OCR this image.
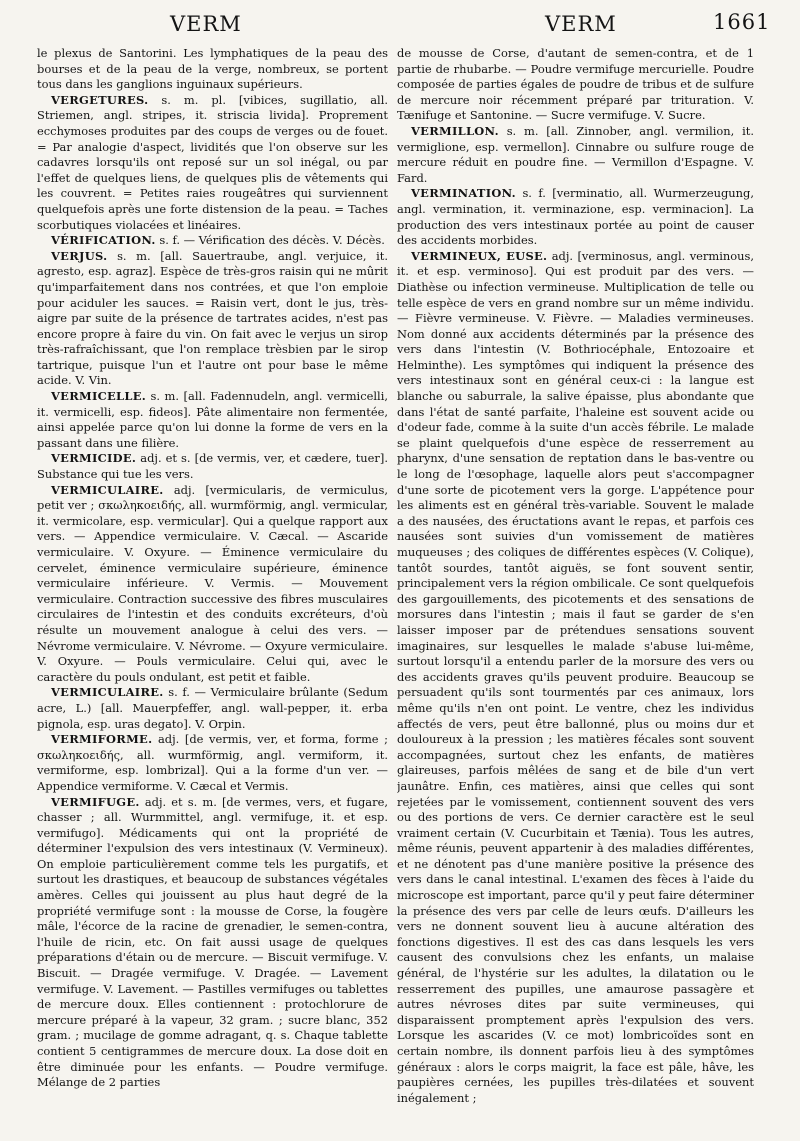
VERM	VERM	1661

le plexus de Santorini. Les lymphatiques de la peau des bourses et de la peau de la verge, nombreux, se portent tous dans les ganglions inguinaux supérieurs.

VERGETURES . s. m. pl. [vibices, sugillatio, all. Striemen, angl. stripes, it. striscia livida]. Proprement ecchymoses produites par des coups de verges ou de fouet. = Par analogie d'aspect, lividités que l'on observe sur les cadavres lorsqu'ils ont reposé sur un sol inégal, ou par l'effet de quelques liens, de quelques plis de vêtements qui les couvrent. = Petites raies rougeâtres qui surviennent quelquefois après une forte distension de la peau. = Taches scorbutiques violacées et linéaires.

VÉRIFICATION . s. f. — Vérification des décès. V. Décès.

VERJUS . s. m. [all. Sauertraube, angl. verjuice, it. agresto, esp. agraz]. Espèce de très-gros raisin qui ne mûrit qu'imparfaitement dans nos contrées, et que l'on emploie pour aciduler les sauces. = Raisin vert, dont le jus, très-aigre par suite de la présence de tartrates acides, n'est pas encore propre à faire du vin. On fait avec le verjus un sirop très-rafraîchissant, que l'on remplace trèsbien par le sirop tartrique, puisque l'un et l'autre ont pour base le même acide. V. Vin.

VERMICELLE . s. m. [all. Fadennudeln, angl. vermicelli, it. vermicelli, esp. fideos]. Pâte alimentaire non fermentée, ainsi appelée parce qu'on lui donne la forme de vers en la passant dans une filière.

VERMICIDE . adj. et s. [de vermis, ver, et cædere, tuer]. Substance qui tue les vers.

VERMICULAIRE . adj. [vermicularis, de vermiculus, petit ver ; σκωληκοειδής, all. wurmförmig, angl. vermicular, it. vermicolare, esp. vermicular]. Qui a quelque rapport aux vers. — Appendice vermiculaire. V. Cæcal. — Ascaride vermiculaire. V. Oxyure. — Éminence vermiculaire du cervelet, éminence vermiculaire supérieure, éminence vermiculaire inférieure. V. Vermis. — Mouvement vermiculaire. Contraction successive des fibres musculaires circulaires de l'intestin et des conduits excréteurs, d'où résulte un mouvement analogue à celui des vers. — Névrome vermiculaire. V. Névrome. — Oxyure vermiculaire. V. Oxyure. — Pouls vermiculaire. Celui qui, avec le caractère du pouls ondulant, est petit et faible.

VERMICULAIRE . s. f. — Vermiculaire brûlante (Sedum acre, L.) [all. Mauerpfeffer, angl. wall-pepper, it. erba pignola, esp. uras degato]. V. Orpin.

VERMIFORME . adj. [de vermis, ver, et forma, forme ; σκωληκοειδής, all. wurmförmig, angl. vermiform, it. vermiforme, esp. lombrizal]. Qui a la forme d'un ver. — Appendice vermiforme. V. Cæcal et Vermis.

VERMIFUGE . adj. et s. m. [de vermes, vers, et fugare, chasser ; all. Wurmmittel, angl. vermifuge, it. et esp. vermifugo]. Médicaments qui ont la propriété de déterminer l'expulsion des vers intestinaux (V. Vermineux). On emploie particulièrement comme tels les purgatifs, et surtout les drastiques, et beaucoup de substances végétales amères. Celles qui jouissent au plus haut degré de la propriété vermifuge sont : la mousse de Corse, la fougère mâle, l'écorce de la racine de grenadier, le semen-contra, l'huile de ricin, etc. On fait aussi usage de quelques préparations d'étain ou de mercure. — Biscuit vermifuge. V. Biscuit. — Dragée vermifuge. V. Dragée. — Lavement vermifuge. V. Lavement. — Pastilles vermifuges ou tablettes de mercure doux. Elles contiennent : protochlorure de mercure préparé à la vapeur, 32 gram. ; sucre blanc, 352 gram. ; mucilage de gomme adragant, q. s. Chaque tablette contient 5 centigrammes de mercure doux. La dose doit en être diminuée pour les enfants. — Poudre vermifuge. Mélange de 2 parties

de mousse de Corse, d'autant de semen-contra, et de 1 partie de rhubarbe. — Poudre vermifuge mercurielle. Poudre composée de parties égales de poudre de tribus et de sulfure de mercure noir récemment préparé par trituration. V. Tænifuge et Santonine. — Sucre vermifuge. V. Sucre.

VERMILLON . s. m. [all. Zinnober, angl. vermilion, it. vermiglione, esp. vermellon]. Cinnabre ou sulfure rouge de mercure réduit en poudre fine. — Vermillon d'Espagne. V. Fard.

VERMINATION . s. f. [verminatio, all. Wurmerzeugung, angl. vermination, it. verminazione, esp. verminacion]. La production des vers intestinaux portée au point de causer des accidents morbides.

VERMINEUX, EUSE . adj. [verminosus, angl. verminous, it. et esp. verminoso]. Qui est produit par des vers. — Diathèse ou infection vermineuse. Multiplication de telle ou telle espèce de vers en grand nombre sur un même individu. — Fièvre vermineuse. V. Fièvre. — Maladies vermineuses. Nom donné aux accidents déterminés par la présence des vers dans l'intestin (V. Bothriocéphale, Entozoaire et Helminthe). Les symptômes qui indiquent la présence des vers intestinaux sont en général ceux-ci : la langue est blanche ou saburrale, la salive épaisse, plus abondante que dans l'état de santé parfaite, l'haleine est souvent acide ou d'odeur fade, comme à la suite d'un accès fébrile. Le malade se plaint quelquefois d'une espèce de resserrement au pharynx, d'une sensation de reptation dans le bas-ventre ou le long de l'œsophage, laquelle alors peut s'accompagner d'une sorte de picotement vers la gorge. L'appétence pour les aliments est en général très-variable. Souvent le malade a des nausées, des éructations avant le repas, et parfois ces nausées sont suivies d'un vomissement de matières muqueuses ; des coliques de différentes espèces (V. Colique), tantôt sourdes, tantôt aiguës, se font souvent sentir, principalement vers la région ombilicale. Ce sont quelquefois des gargouillements, des picotements et des sensations de morsures dans l'intestin ; mais il faut se garder de s'en laisser imposer par de prétendues sensations souvent imaginaires, sur lesquelles le malade s'abuse lui-même, surtout lorsqu'il a entendu parler de la morsure des vers ou des accidents graves qu'ils peuvent produire. Beaucoup se persuadent qu'ils sont tourmentés par ces animaux, lors même qu'ils n'en ont point. Le ventre, chez les individus affectés de vers, peut être ballonné, plus ou moins dur et douloureux à la pression ; les matières fécales sont souvent accompagnées, surtout chez les enfants, de matières glaireuses, parfois mêlées de sang et de bile d'un vert jaunâtre. Enfin, ces matières, ainsi que celles qui sont rejetées par le vomissement, contiennent souvent des vers ou des portions de vers. Ce dernier caractère est le seul vraiment certain (V. Cucurbitain et Tænia). Tous les autres, même réunis, peuvent appartenir à des maladies différentes, et ne dénotent pas d'une manière positive la présence des vers dans le canal intestinal. L'examen des fèces à l'aide du microscope est important, parce qu'il y peut faire déterminer la présence des vers par celle de leurs œufs. D'ailleurs les vers ne donnent souvent lieu à aucune altération des fonctions digestives. Il est des cas dans lesquels les vers causent des convulsions chez les enfants, un malaise général, de l'hystérie sur les adultes, la dilatation ou le resserrement des pupilles, une amaurose passagère et autres névroses dites par suite vermineuses, qui disparaissent promptement après l'expulsion des vers. Lorsque les ascarides (V. ce mot) lombricoïdes sont en certain nombre, ils donnent parfois lieu à des symptômes généraux : alors le corps maigrit, la face est pâle, hâve, les paupières cernées, les pupilles très-dilatées et souvent inégalement ;
